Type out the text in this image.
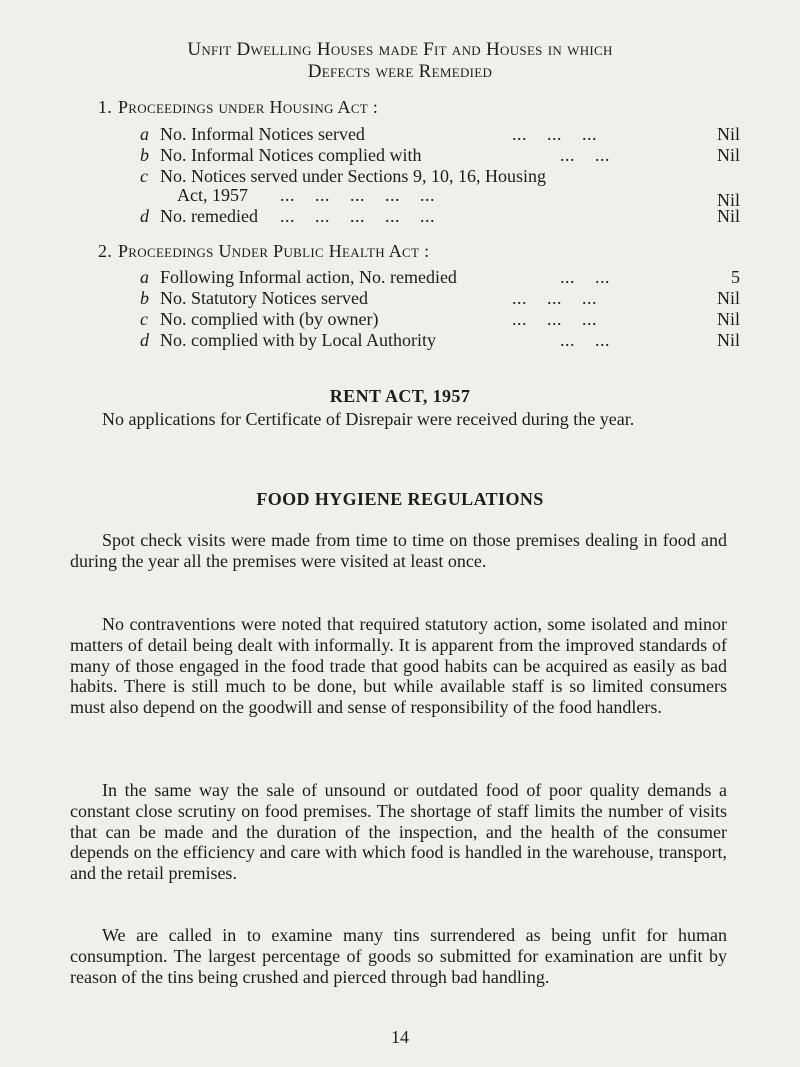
Unfit Dwelling Houses made Fit and Houses in which
Defects were Remedied
1. Proceedings under Housing Act :
a No. Informal Notices served	...    ...    ...	Nil
b No. Informal Notices complied with	...    ...	Nil
c No. Notices served under Sections 9, 10, 16, Housing
Act, 1957 ...    ...    ...    ...    ...	Nil
d No. remedied ...    ...    ...    ...    ...	Nil
2. Proceedings Under Public Health Act :
a Following Informal action, No. remedied	...    ...	5
b No. Statutory Notices served	...    ...    ...	Nil
c No. complied with (by owner)	...    ...    ...	Nil
d No. complied with by Local Authority	...    ...	Nil
RENT ACT, 1957
No applications for Certificate of Disrepair were received during the year.
FOOD HYGIENE REGULATIONS
Spot check visits were made from time to time on those premises dealing in food and during the year all the premises were visited at least once.
No contraventions were noted that required statutory action, some isolated and minor matters of detail being dealt with informally. It is apparent from the improved standards of many of those engaged in the food trade that good habits can be acquired as easily as bad habits. There is still much to be done, but while available staff is so limited consumers must also depend on the goodwill and sense of responsibility of the food handlers.
In the same way the sale of unsound or outdated food of poor quality demands a constant close scrutiny on food premises. The shortage of staff limits the number of visits that can be made and the duration of the inspection, and the health of the consumer depends on the efficiency and care with which food is handled in the warehouse, transport, and the retail premises.
We are called in to examine many tins surrendered as being unfit for human consumption. The largest percentage of goods so submitted for examination are unfit by reason of the tins being crushed and pierced through bad handling.
14
